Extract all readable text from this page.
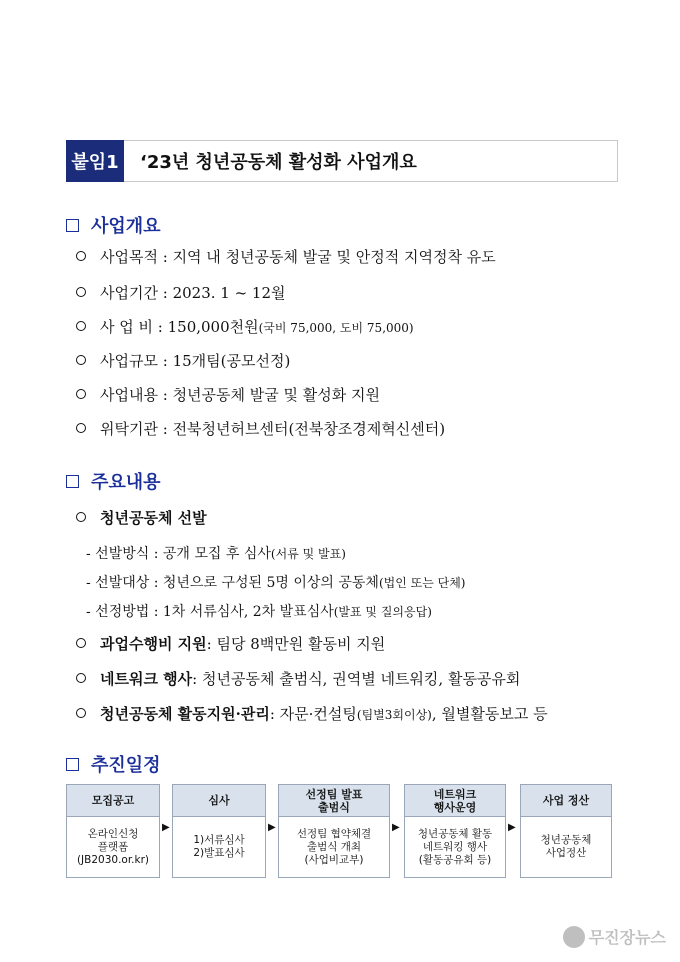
붙임1	‘23년 청년공동체 활성화 사업개요
사업개요
사업목적 : 지역 내 청년공동체 발굴 및 안정적 지역정착 유도
사업기간 : 2023. 1 ~ 12월
사 업 비 : 150,000천원 (국비 75,000, 도비 75,000)
사업규모 : 15개팀(공모선정)
사업내용 : 청년공동체 발굴 및 활성화 지원
위탁기관 : 전북청년허브센터(전북창조경제혁신센터)
주요내용
청년공동체 선발
- 선발방식 : 공개 모집 후 심사(서류 및 발표)
- 선발대상 : 청년으로 구성된 5명 이상의 공동체(법인 또는 단체)
- 선정방법 : 1차 서류심사, 2차 발표심사(발표 및 질의응답)
과업수행비 지원 : 팀당 8백만원 활동비 지원
네트워크 행사 : 청년공동체 출범식, 권역별 네트워킹, 활동공유회
청년공동체 활동지원·관리 : 자문·컨설팅 (팀별3회이상) , 월별활동보고 등
추진일정
모집공고
온라인신청
플랫폼
(JB2030.or.kr)
▶
심사
1)서류심사
2)발표심사
▶
선정팀 발표
출범식
선정팀 협약체결
출범식 개최
(사업비교부)
▶
네트워크
행사운영
청년공동체 활동
네트워킹 행사
(활동공유회 등)
▶
사업 정산
청년공동체
사업정산
무진장뉴스
